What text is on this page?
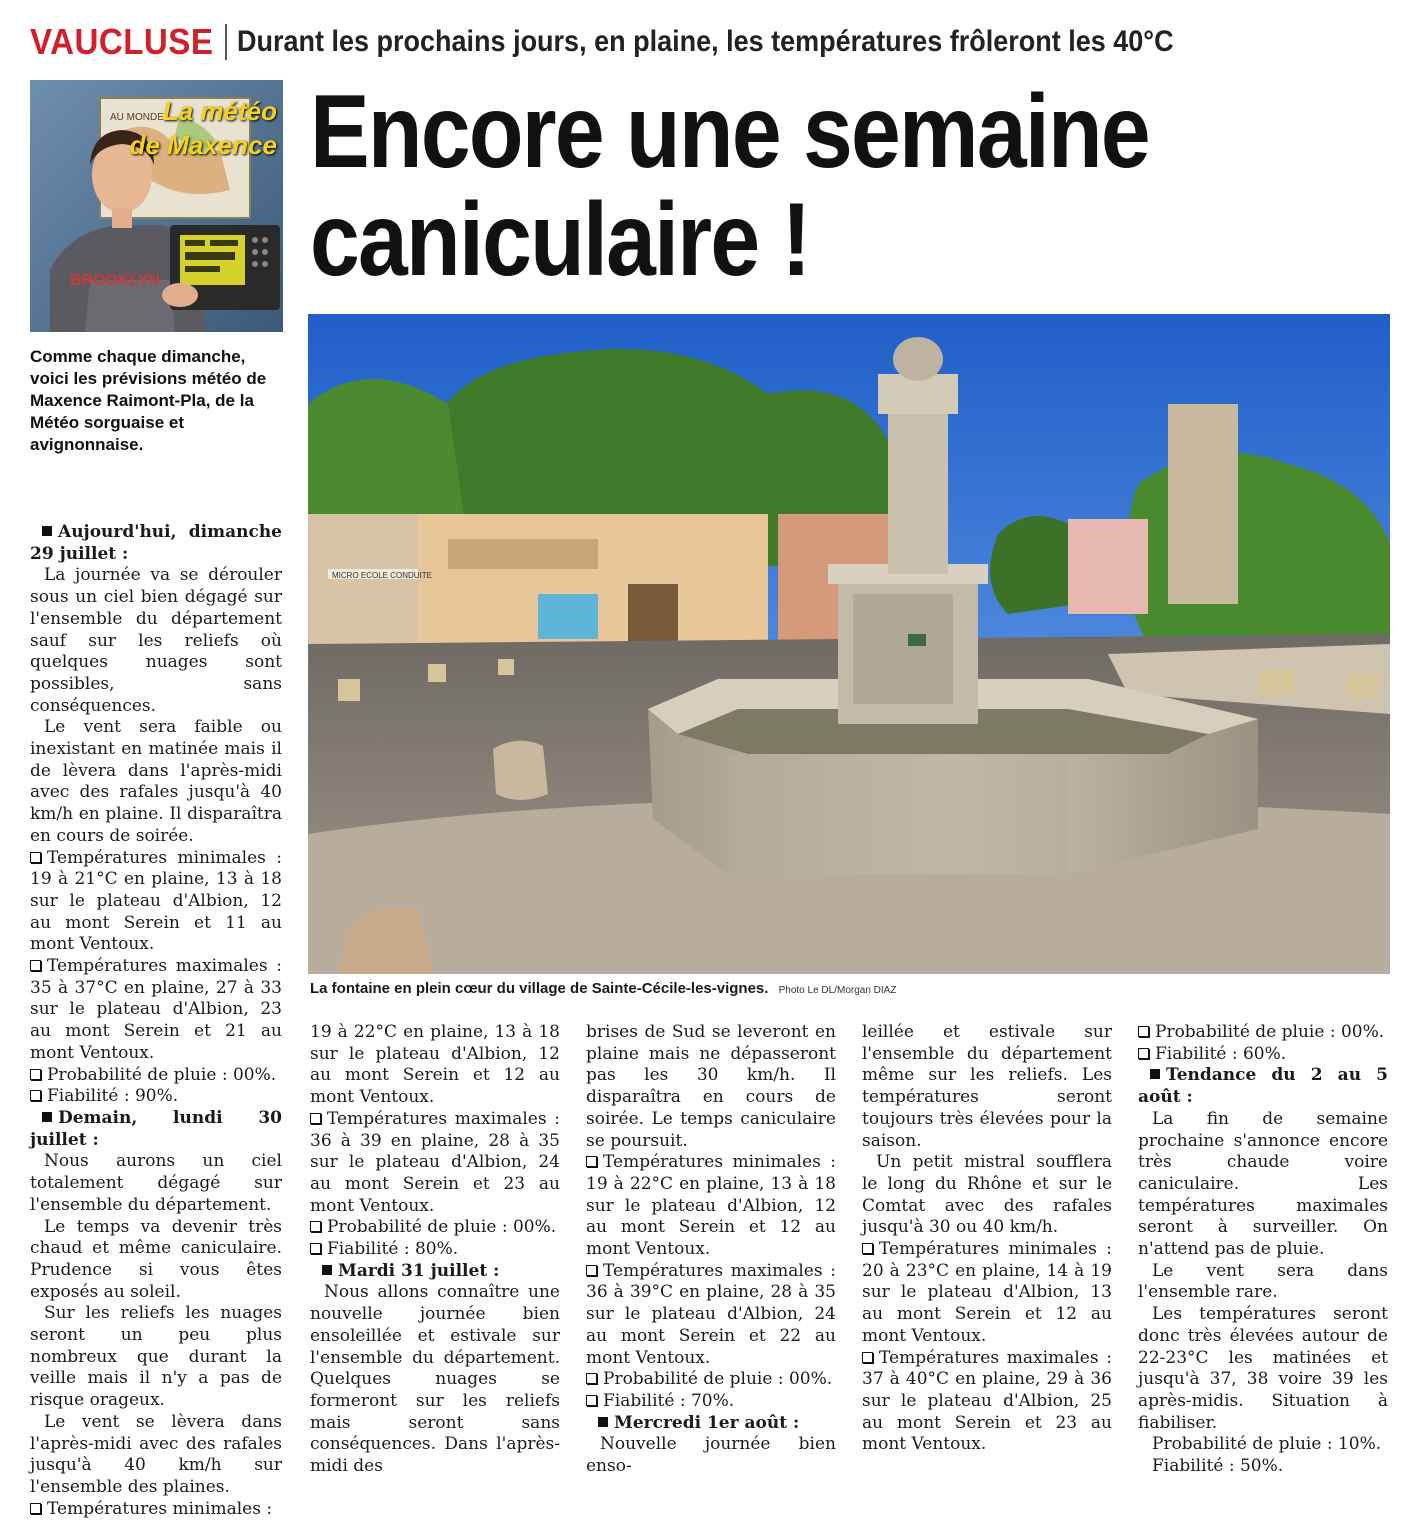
VAUCLUSE Durant les prochains jours, en plaine, les températures frôleront les 40°C
Encore une semaine
caniculaire !
AU MONDE
BROOKLYN
La météo
de Maxence
Comme chaque dimanche, voici les prévisions météo de Maxence Raimont-Pla, de la Météo sorguaise et avignonnaise.
MICRO ECOLE CONDUITE
La fontaine en plein cœur du village de Sainte-Cécile-les-vignes. Photo Le DL/Morgan DIAZ

Aujourd'hui, dimanche 29 juillet :

La journée va se dérouler sous un ciel bien dégagé sur l'ensemble du département sauf sur les reliefs où quelques nuages sont possibles, sans conséquences.

Le vent sera faible ou inexistant en matinée mais il de lèvera dans l'après-midi avec des rafales jusqu'à 40 km/h en plaine. Il disparaîtra en cours de soirée.

Températures minimales : 19 à 21°C en plaine, 13 à 18 sur le plateau d'Albion, 12 au mont Serein et 11 au mont Ventoux.

Températures maximales : 35 à 37°C en plaine, 27 à 33 sur le plateau d'Albion, 23 au mont Serein et 21 au mont Ventoux.

Probabilité de pluie : 00%.

Fiabilité : 90%.

Demain, lundi 30 juillet :

Nous aurons un ciel totalement dégagé sur l'ensemble du département.

Le temps va devenir très chaud et même caniculaire. Prudence si vous êtes exposés au soleil.

Sur les reliefs les nuages seront un peu plus nombreux que durant la veille mais il n'y a pas de risque orageux.

Le vent se lèvera dans l'après-midi avec des rafales jusqu'à 40 km/h sur l'ensemble des plaines.

Températures minimales :

19 à 22°C en plaine, 13 à 18 sur le plateau d'Albion, 12 au mont Serein et 12 au mont Ventoux.

Températures maximales : 36 à 39 en plaine, 28 à 35 sur le plateau d'Albion, 24 au mont Serein et 23 au mont Ventoux.

Probabilité de pluie : 00%.

Fiabilité : 80%.

Mardi 31 juillet :

Nous allons connaître une nouvelle journée bien ensoleillée et estivale sur l'ensemble du département. Quelques nuages se formeront sur les reliefs mais seront sans conséquences. Dans l'après-midi des

brises de Sud se leveront en plaine mais ne dépasseront pas les 30 km/h. Il disparaîtra en cours de soirée. Le temps caniculaire se poursuit.

Températures minimales : 19 à 22°C en plaine, 13 à 18 sur le plateau d'Albion, 12 au mont Serein et 12 au mont Ventoux.

Températures maximales : 36 à 39°C en plaine, 28 à 35 sur le plateau d'Albion, 24 au mont Serein et 22 au mont Ventoux.

Probabilité de pluie : 00%.

Fiabilité : 70%.

Mercredi 1er août :

Nouvelle journée bien enso-

leillée et estivale sur l'ensemble du département même sur les reliefs. Les températures seront toujours très élevées pour la saison.

Un petit mistral soufflera le long du Rhône et sur le Comtat avec des rafales jusqu'à 30 ou 40 km/h.

Températures minimales : 20 à 23°C en plaine, 14 à 19 sur le plateau d'Albion, 13 au mont Serein et 12 au mont Ventoux.

Températures maximales : 37 à 40°C en plaine, 29 à 36 sur le plateau d'Albion, 25 au mont Serein et 23 au mont Ventoux.

Probabilité de pluie : 00%.

Fiabilité : 60%.

Tendance du 2 au 5 août :

La fin de semaine prochaine s'annonce encore très chaude voire caniculaire. Les températures maximales seront à surveiller. On n'attend pas de pluie.

Le vent sera dans l'ensemble rare.

Les températures seront donc très élevées autour de 22-23°C les matinées et jusqu'à 37, 38 voire 39 les après-midis. Situation à fiabiliser.

Probabilité de pluie : 10%.

Fiabilité : 50%.
